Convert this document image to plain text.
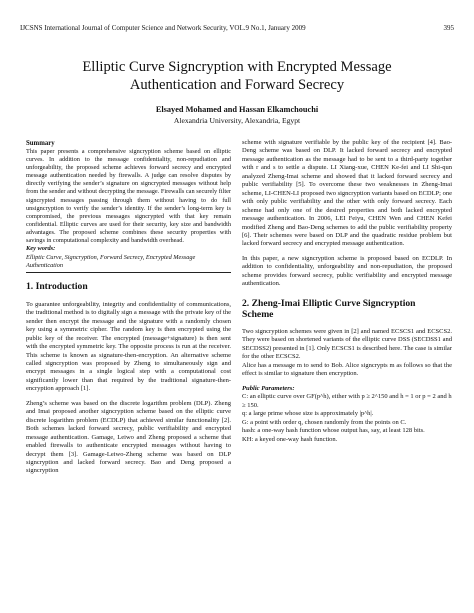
IJCSNS International Journal of Computer Science and Network Security, VOL.9 No.1, January 2009	395
Elliptic Curve Signcryption with Encrypted Message
Authentication and Forward Secrecy
Elsayed Mohamed and Hassan Elkamchouchi
Alexandria University, Alexandria, Egypt

Summary

This paper presents a comprehensive signcryption scheme based on elliptic curves. In addition to the message confidentiality, non-repudiation and unforgeability, the proposed scheme achieves forward secrecy and encrypted message authentication needed by firewalls. A judge can resolve disputes by directly verifying the sender’s signature on signcrypted messages without help from the sender and without decrypting the message. Firewalls can securely filter signcrypted messages passing through them without having to do full unsigncryption to verify the sender’s identity. If the sender’s long-term key is compromised, the previous messages signcrypted with that key remain confidential. Elliptic curves are used for their security, key size and bandwidth advantages. The proposed scheme combines these security properties with savings in computational complexity and bandwidth overhead.

Key words:

Elliptic Curve, Signcryption, Forward Secrecy, Encrypted Message Authentication

1. Introduction

To guarantee unforgeability, integrity and confidentiality of communications, the traditional method is to digitally sign a message with the private key of the sender then encrypt the message and the signature with a randomly chosen key using a symmetric cipher. The random key is then encrypted using the public key of the receiver. The encrypted (message+signature) is then sent with the encrypted symmetric key. The opposite process is run at the receiver. This scheme is known as signature-then-encryption. An alternative scheme called signcryption was proposed by Zheng to simultaneously sign and encrypt messages in a single logical step with a computational cost significantly lower than that required by the traditional signature-then-encryption approach [1].

Zheng’s scheme was based on the discrete logarithm problem (DLP). Zheng and Imai proposed another signcryption scheme based on the elliptic curve discrete logarithm problem (ECDLP) that achieved similar functionality [2]. Both schemes lacked forward secrecy, public verifiability and encrypted message authentication. Gamage, Leiwo and Zheng proposed a scheme that enabled firewalls to authenticate encrypted messages without having to decrypt them [3]. Gamage-Leiwo-Zheng scheme was based on DLP signcryption and lacked forward secrecy. Bao and Deng proposed a signcryption

scheme with signature verifiable by the public key of the recipient [4]. Bao-Deng scheme was based on DLP. It lacked forward secrecy and encrypted message authentication as the message had to be sent to a third-party together with r and s to settle a dispute. LI Xiang-xue, CHEN Ke-fei and LI Shi-qun analyzed Zheng-Imai scheme and showed that it lacked forward secrecy and public verifiability [5]. To overcome these two weaknesses in Zheng-Imai scheme, LI-CHEN-LI proposed two signcryption variants based on ECDLP; one with only public verifiability and the other with only forward secrecy. Each scheme had only one of the desired properties and both lacked encrypted message authentication. In 2006, LEI Feiyu, CHEN Wen and CHEN Kefei modified Zheng and Bao-Deng schemes to add the public verifiability property [6]. Their schemes were based on DLP and the quadratic residue problem but lacked forward secrecy and encrypted message authentication.

In this paper, a new signcryption scheme is proposed based on ECDLP. In addition to confidentiality, unforgeability and non-repudiation, the proposed scheme provides forward secrecy, public verifiability and encrypted message authentication.

2. Zheng-Imai Elliptic Curve Signcryption
Scheme

Two signcryption schemes were given in [2] and named ECSCS1 and ECSCS2. They were based on shortened variants of the elliptic curve DSS (SECDSS1 and SECDSS2) presented in [1]. Only ECSCS1 is described here. The case is similar for the other ECSCS2.

Alice has a message m to send to Bob. Alice signcrypts m as follows so that the effect is similar to signature then encryption.

Public Parameters:

C: an elliptic curve over GF(p^h), either with p ≥ 2^150 and h = 1 or p = 2 and h ≥ 150.

q: a large prime whose size is approximately |p^h|.

G: a point with order q, chosen randomly from the points on C.

hash: a one-way hash function whose output has, say, at least 128 bits.

KH: a keyed one-way hash function.
